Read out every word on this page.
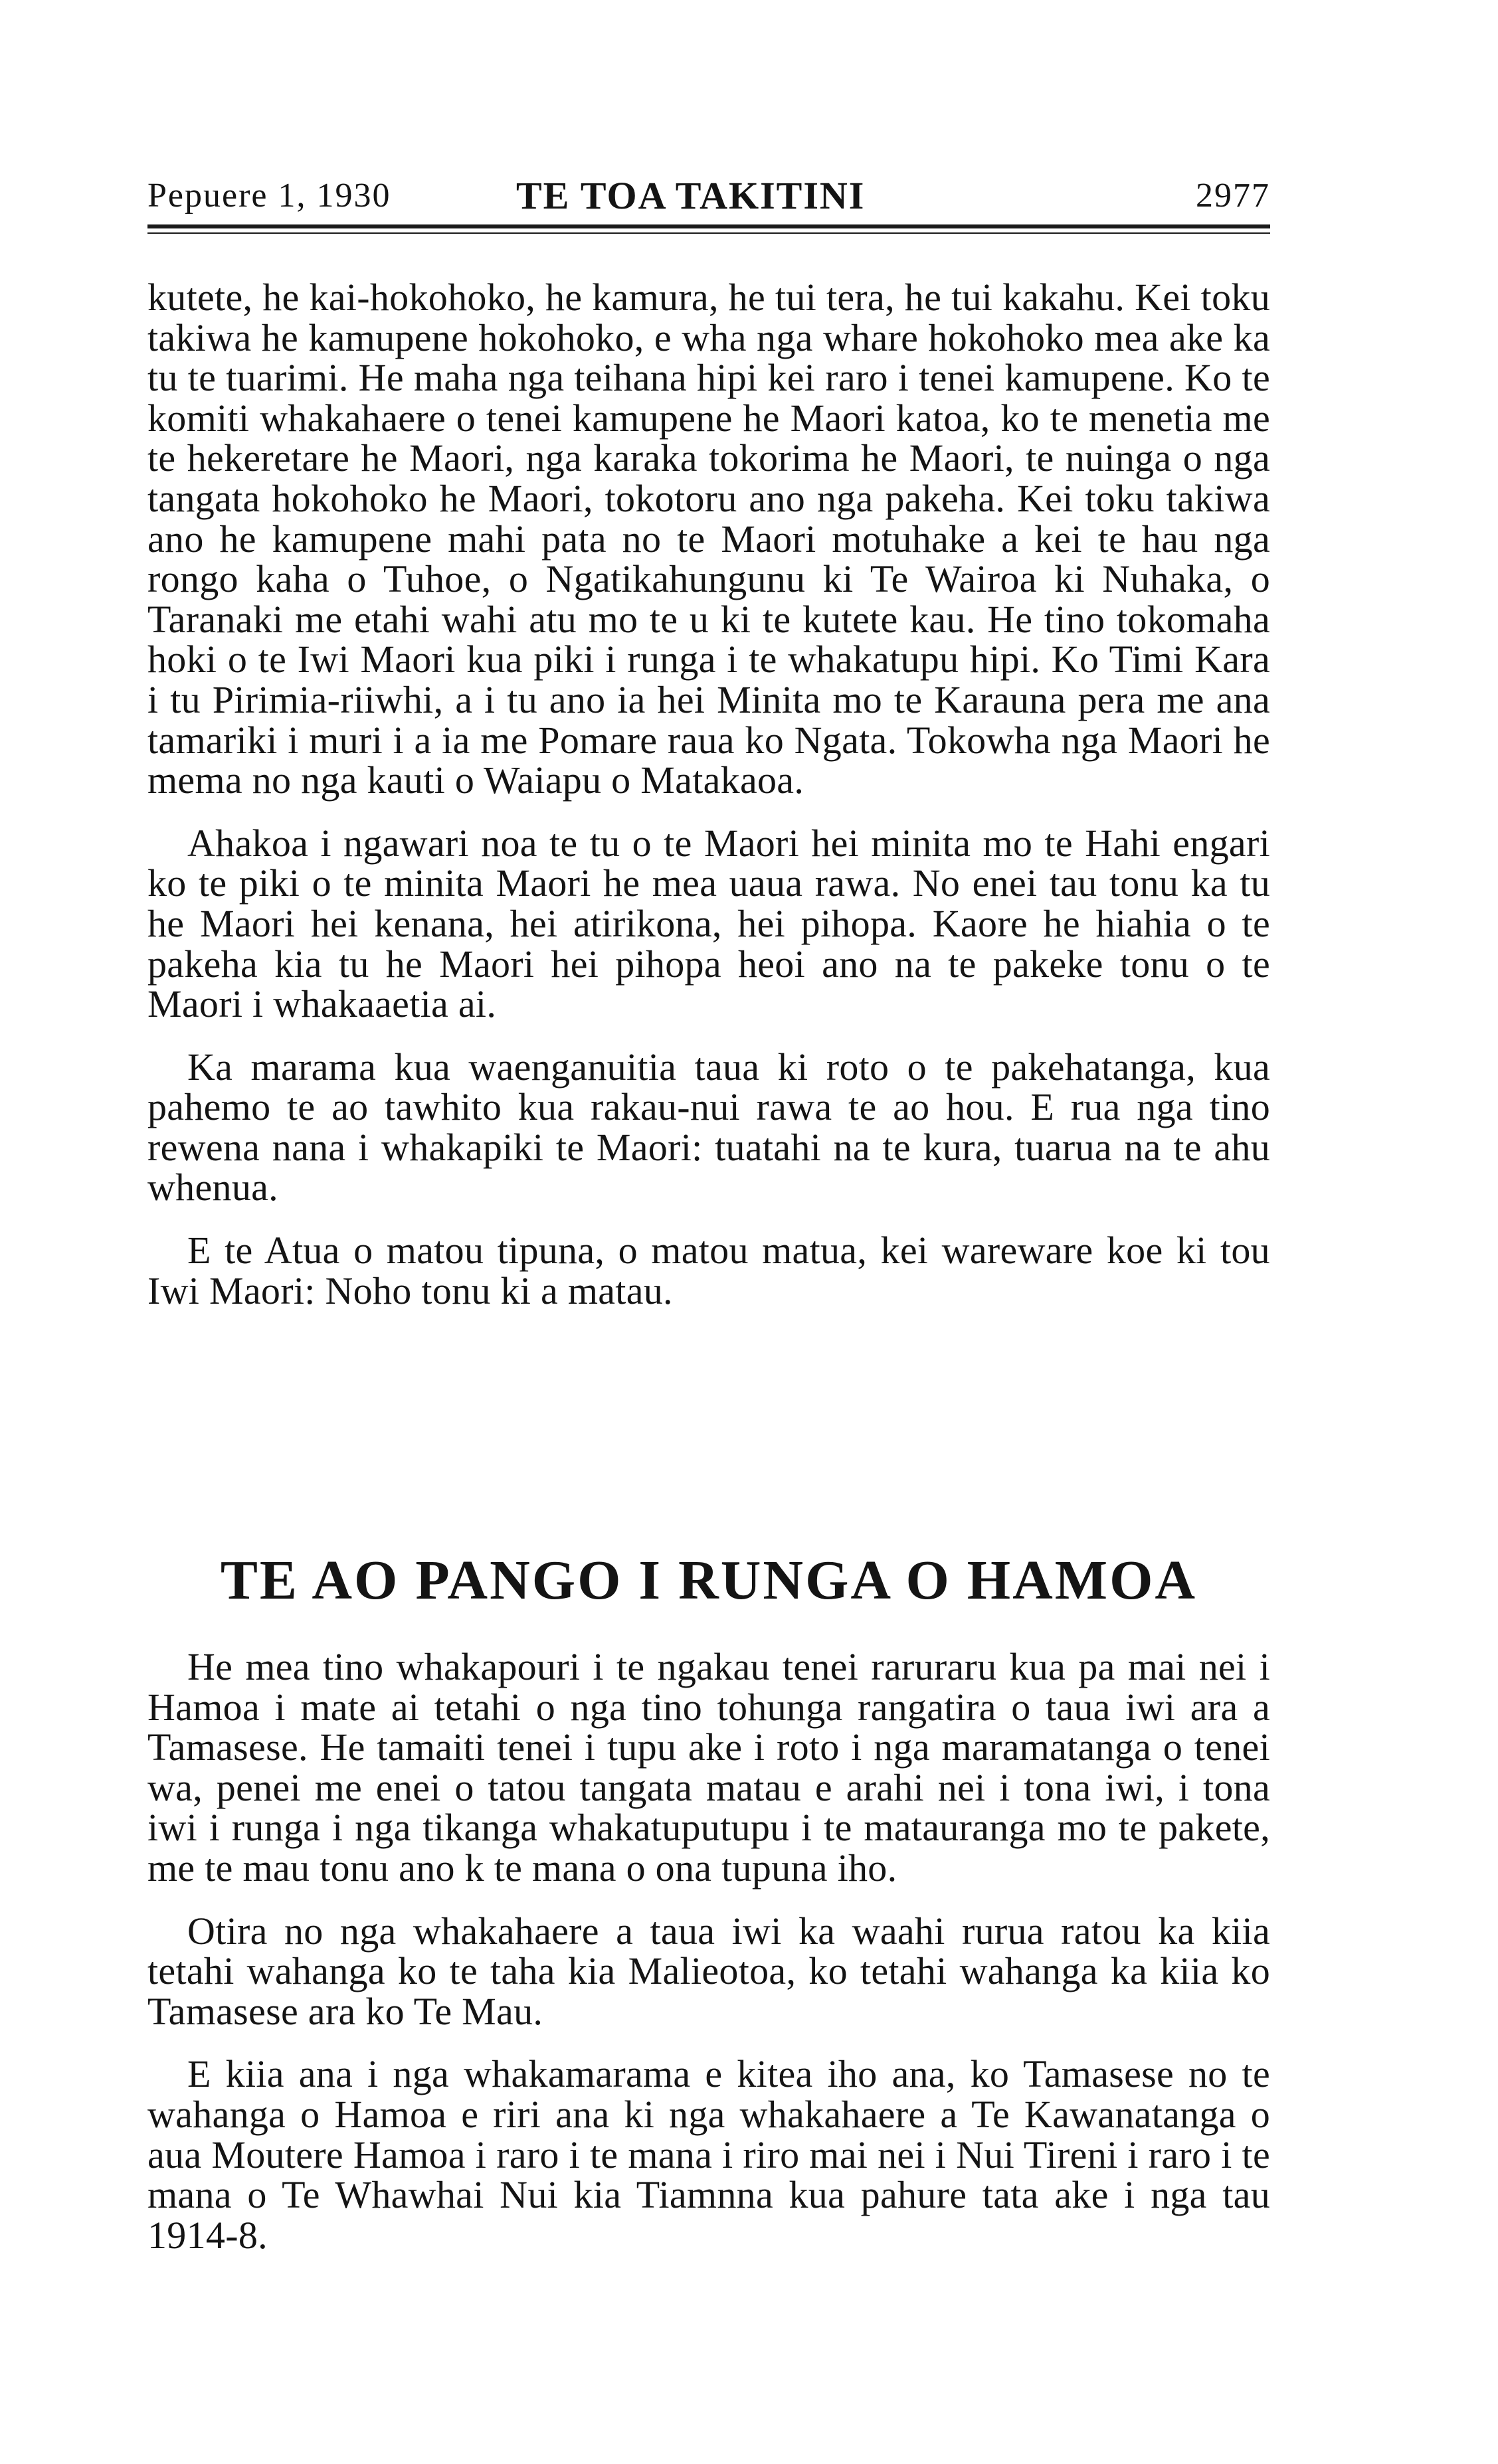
Pepuere 1, 1930	TE TOA TAKITINI	2977

kutete, he kai-hokohoko, he kamura, he tui tera, he tui kakahu. Kei toku takiwa he kamupene hokohoko, e wha nga whare hokohoko mea ake ka tu te tuarimi. He maha nga teihana hipi kei raro i tenei kamupene. Ko te komiti whakahaere o tenei kamupene he Maori katoa, ko te menetia me te hekeretare he Maori, nga karaka tokorima he Maori, te nuinga o nga tangata hokohoko he Maori, tokotoru ano nga pakeha. Kei toku takiwa ano he kamupene mahi pata no te Maori motuhake a kei te hau nga rongo kaha o Tuhoe, o Ngatikahungunu ki Te Wairoa ki Nuhaka, o Taranaki me etahi wahi atu mo te u ki te kutete kau. He tino tokomaha hoki o te Iwi Maori kua piki i runga i te whakatupu hipi. Ko Timi Kara i tu Pirimia-riiwhi, a i tu ano ia hei Minita mo te Karauna pera me ana tamariki i muri i a ia me Pomare raua ko Ngata. Tokowha nga Maori he mema no nga kauti o Waiapu o Matakaoa.

Ahakoa i ngawari noa te tu o te Maori hei minita mo te Hahi engari ko te piki o te minita Maori he mea uaua rawa. No enei tau tonu ka tu he Maori hei kenana, hei atirikona, hei pihopa. Kaore he hiahia o te pakeha kia tu he Maori hei pihopa heoi ano na te pakeke tonu o te Maori i whakaaetia ai.

Ka marama kua waenganuitia taua ki roto o te pakehatanga, kua pahemo te ao tawhito kua rakau-nui rawa te ao hou. E rua nga tino rewena nana i whakapiki te Maori: tuatahi na te kura, tuarua na te ahu whenua.

E te Atua o matou tipuna, o matou matua, kei wareware koe ki tou Iwi Maori: Noho tonu ki a matau.

TE AO PANGO I RUNGA O HAMOA

He mea tino whakapouri i te ngakau tenei raruraru kua pa mai nei i Hamoa i mate ai tetahi o nga tino tohunga rangatira o taua iwi ara a Tamasese. He tamaiti tenei i tupu ake i roto i nga maramatanga o tenei wa, penei me enei o tatou tangata matau e arahi nei i tona iwi, i tona iwi i runga i nga tikanga whakatuputupu i te matauranga mo te pakete, me te mau tonu ano k te mana o ona tupuna iho.

Otira no nga whakahaere a taua iwi ka waahi rurua ratou ka kiia tetahi wahanga ko te taha kia Malieotoa, ko tetahi wahanga ka kiia ko Tamasese ara ko Te Mau.

E kiia ana i nga whakamarama e kitea iho ana, ko Tamasese no te wahanga o Hamoa e riri ana ki nga whakahaere a Te Kawanatanga o aua Moutere Hamoa i raro i te mana i riro mai nei i Nui Tireni i raro i te mana o Te Whawhai Nui kia Tiamnna kua pahure tata ake i nga tau 1914-8.
